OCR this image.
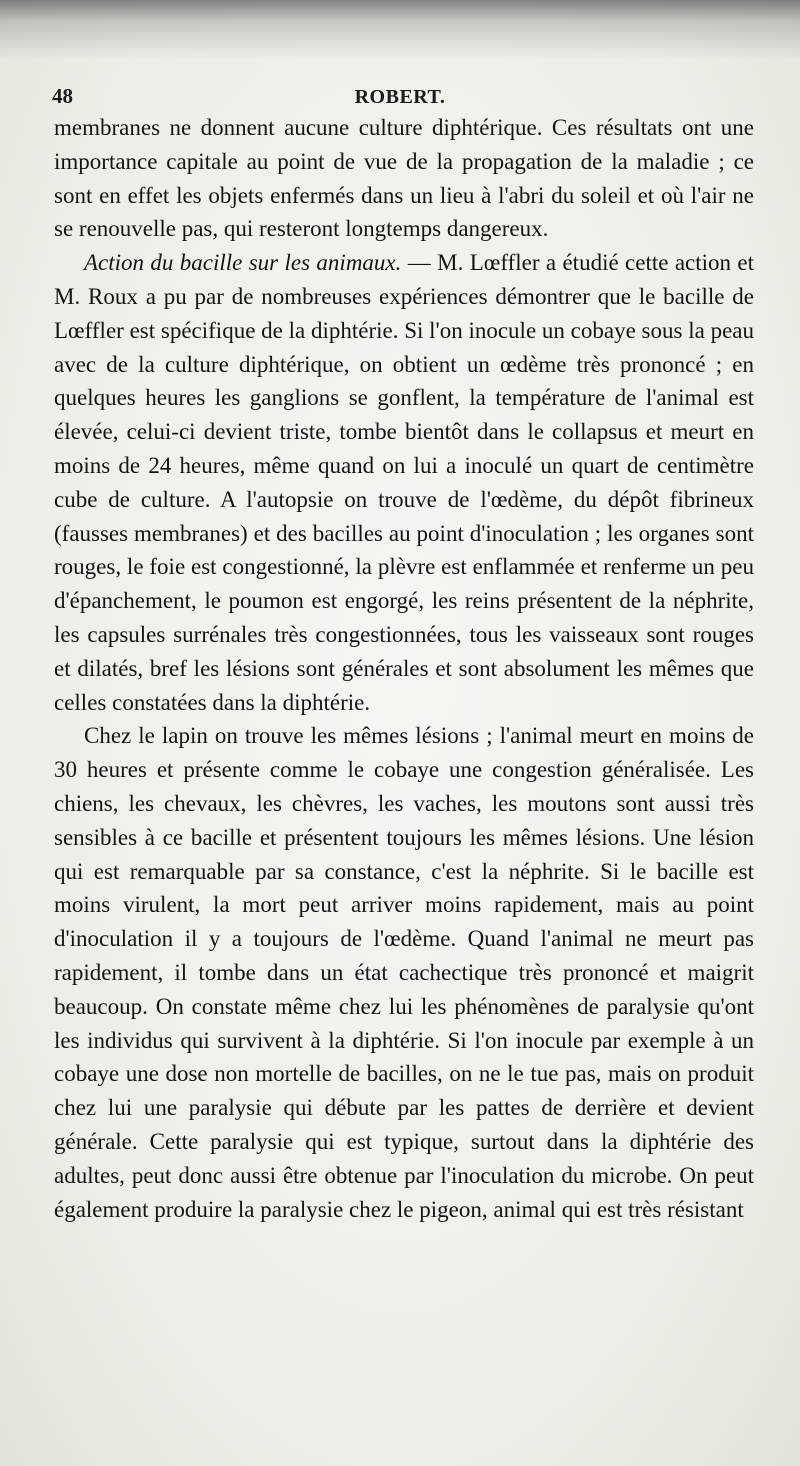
48	ROBERT.

membranes ne donnent aucune culture diphtérique. Ces résultats ont une importance capitale au point de vue de la propagation de la maladie ; ce sont en effet les objets enfermés dans un lieu à l'abri du soleil et où l'air ne se renouvelle pas, qui resteront longtemps dangereux.

Action du bacille sur les animaux. — M. Lœffler a étudié cette action et M. Roux a pu par de nombreuses expériences démontrer que le bacille de Lœffler est spécifique de la diphtérie. Si l'on inocule un cobaye sous la peau avec de la culture diphtérique, on obtient un œdème très prononcé ; en quelques heures les ganglions se gonflent, la température de l'animal est élevée, celui-ci devient triste, tombe bientôt dans le collapsus et meurt en moins de 24 heures, même quand on lui a inoculé un quart de centimètre cube de culture. A l'autopsie on trouve de l'œdème, du dépôt fibrineux (fausses membranes) et des bacilles au point d'inoculation ; les organes sont rouges, le foie est congestionné, la plèvre est enflammée et renferme un peu d'épanchement, le poumon est engorgé, les reins présentent de la néphrite, les capsules surrénales très congestionnées, tous les vaisseaux sont rouges et dilatés, bref les lésions sont générales et sont absolument les mêmes que celles constatées dans la diphtérie.

Chez le lapin on trouve les mêmes lésions ; l'animal meurt en moins de 30 heures et présente comme le cobaye une congestion généralisée. Les chiens, les chevaux, les chèvres, les vaches, les moutons sont aussi très sensibles à ce bacille et présentent toujours les mêmes lésions. Une lésion qui est remarquable par sa constance, c'est la néphrite. Si le bacille est moins virulent, la mort peut arriver moins rapidement, mais au point d'inoculation il y a toujours de l'œdème. Quand l'animal ne meurt pas rapidement, il tombe dans un état cachectique très prononcé et maigrit beaucoup. On constate même chez lui les phénomènes de paralysie qu'ont les individus qui survivent à la diphtérie. Si l'on inocule par exemple à un cobaye une dose non mortelle de bacilles, on ne le tue pas, mais on produit chez lui une paralysie qui débute par les pattes de derrière et devient générale. Cette paralysie qui est typique, surtout dans la diphtérie des adultes, peut donc aussi être obtenue par l'inoculation du microbe. On peut également produire la paralysie chez le pigeon, animal qui est très résistant
